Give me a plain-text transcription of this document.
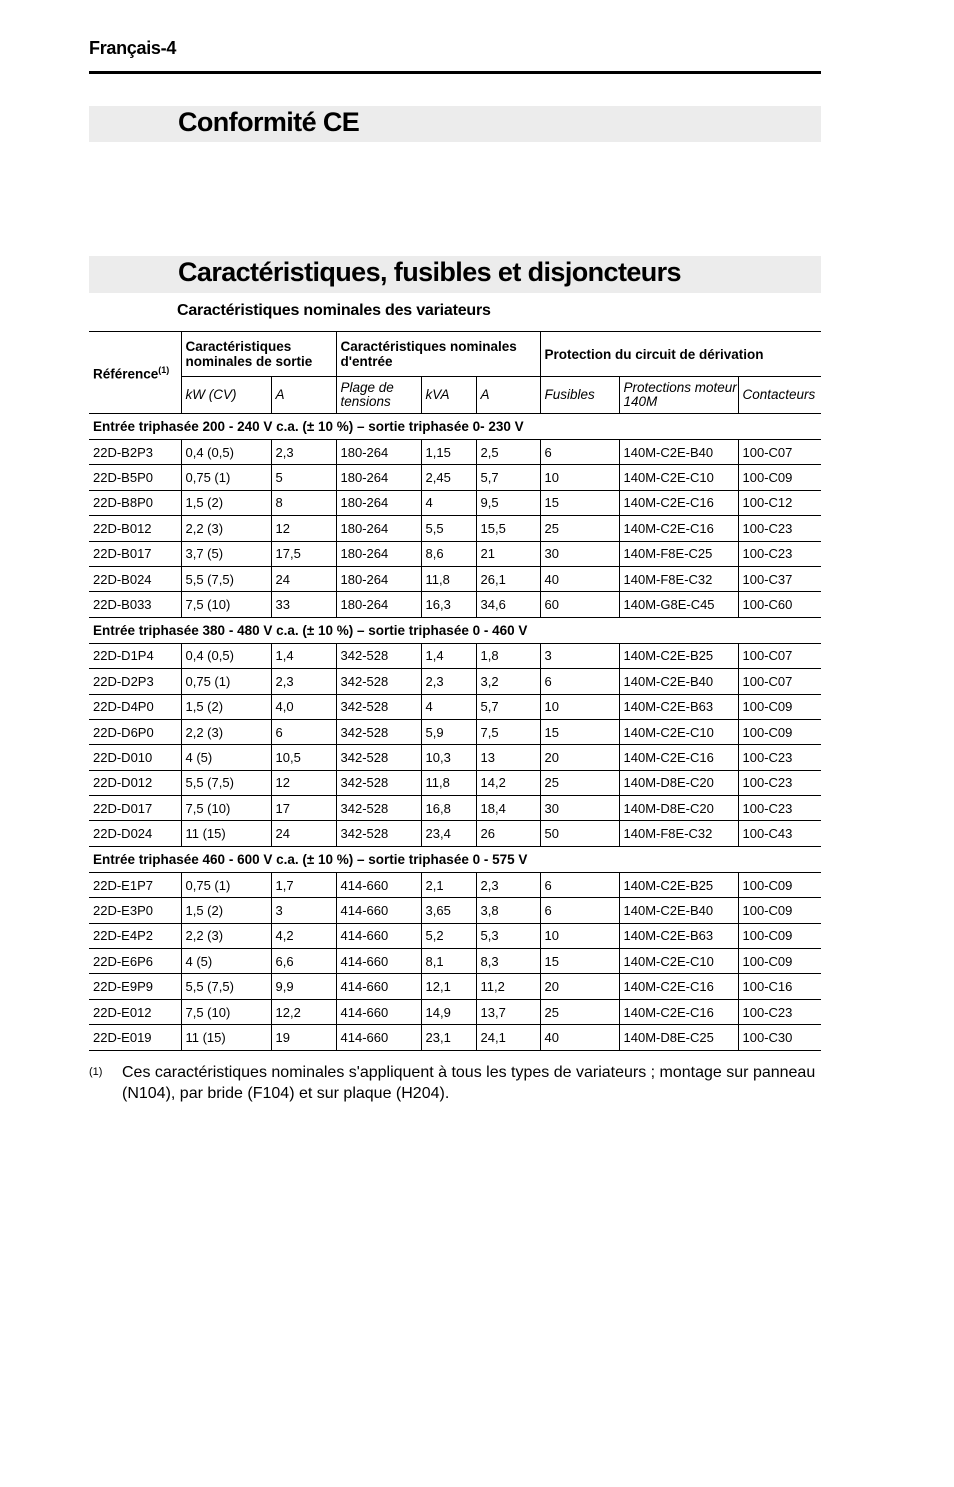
Français-4
Conformité CE
Caractéristiques, fusibles et disjoncteurs
Caractéristiques nominales des variateurs

Référence$^{(1)}$	Caractéristiques nominales de sortie		Caractéristiques nominales d'entrée			Protection du circuit de dérivation		
	kW (CV)	A	Plage de tensions	kVA	A	Fusibles	Protections moteur 140M	Contacteurs
Entrée triphasée 200 - 240 V c.a. (± 10 %) – sortie triphasée 0- 230 V								
22D-B2P3	0,4 (0,5)	2,3	180-264	1,15	2,5	6	140M-C2E-B40	100-C07
22D-B5P0	0,75 (1)	5	180-264	2,45	5,7	10	140M-C2E-C10	100-C09
22D-B8P0	1,5 (2)	8	180-264	4	9,5	15	140M-C2E-C16	100-C12
22D-B012	2,2 (3)	12	180-264	5,5	15,5	25	140M-C2E-C16	100-C23
22D-B017	3,7 (5)	17,5	180-264	8,6	21	30	140M-F8E-C25	100-C23
22D-B024	5,5 (7,5)	24	180-264	11,8	26,1	40	140M-F8E-C32	100-C37
22D-B033	7,5 (10)	33	180-264	16,3	34,6	60	140M-G8E-C45	100-C60
Entrée triphasée 380 - 480 V c.a. (± 10 %) – sortie triphasée 0 - 460 V								
22D-D1P4	0,4 (0,5)	1,4	342-528	1,4	1,8	3	140M-C2E-B25	100-C07
22D-D2P3	0,75 (1)	2,3	342-528	2,3	3,2	6	140M-C2E-B40	100-C07
22D-D4P0	1,5 (2)	4,0	342-528	4	5,7	10	140M-C2E-B63	100-C09
22D-D6P0	2,2 (3)	6	342-528	5,9	7,5	15	140M-C2E-C10	100-C09
22D-D010	4 (5)	10,5	342-528	10,3	13	20	140M-C2E-C16	100-C23
22D-D012	5,5 (7,5)	12	342-528	11,8	14,2	25	140M-D8E-C20	100-C23
22D-D017	7,5 (10)	17	342-528	16,8	18,4	30	140M-D8E-C20	100-C23
22D-D024	11 (15)	24	342-528	23,4	26	50	140M-F8E-C32	100-C43
Entrée triphasée 460 - 600 V c.a. (± 10 %) – sortie triphasée 0 - 575 V								
22D-E1P7	0,75 (1)	1,7	414-660	2,1	2,3	6	140M-C2E-B25	100-C09
22D-E3P0	1,5 (2)	3	414-660	3,65	3,8	6	140M-C2E-B40	100-C09
22D-E4P2	2,2 (3)	4,2	414-660	5,2	5,3	10	140M-C2E-B63	100-C09
22D-E6P6	4 (5)	6,6	414-660	8,1	8,3	15	140M-C2E-C10	100-C09
22D-E9P9	5,5 (7,5)	9,9	414-660	12,1	11,2	20	140M-C2E-C16	100-C16
22D-E012	7,5 (10)	12,2	414-660	14,9	13,7	25	140M-C2E-C16	100-C23
22D-E019	11 (15)	19	414-660	23,1	24,1	40	140M-D8E-C25	100-C30
(1) Ces caractéristiques nominales s'appliquent à tous les types de variateurs ; montage sur panneau (N104), par bride (F104) et sur plaque (H204).
